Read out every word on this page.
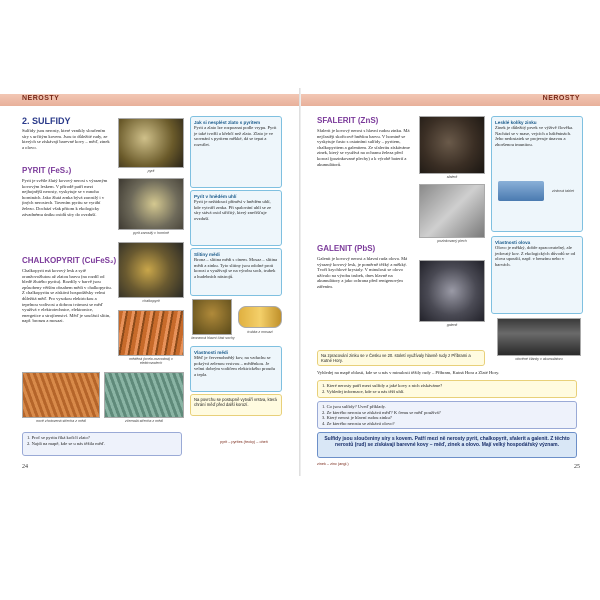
NEROSTY
2. SULFIDY
Sulfidy jsou nerosty, které vznikly sloučením síry s určitým kovem. Jsou to důležité rudy, ze kterých se získávají barevné kovy – měď, zinek a olovo.
PYRIT (FeS₂)
Pyrit je světle žlutý kovový nerost s výrazným kovovým leskem. V přírodě patří mezi nejhojnější nerosty, vyskytuje se v mnoha horninách. Jako žlutá zrnka bývá zarostlý i v jiných nerostech. Tavením pyritu se vyrábí železo. Dochází však přitom k ekologicky závadnému úniku oxidů síry do ovzduší.
CHALKOPYRIT (CuFeS₂)
Chalkopyrit má kovový lesk a sytě oranžovožlutou až zlatou barvu (na rozdíl od bledě žlutého pyritu). Rozdíly v barvě jsou způsobeny větším obsahem mědi v chalkopyritu. Z chalkopyritu se získává hospodářsky velmi důležitá měď. Pro vysokou elektrickou a tepelnou vodivost a dobrou tvárnost se měď využívá v elektrotechnice, elektronice, energetice a strojírenství. Měď je součástí slitin, např. bronzu a mosazi.
pyrit
pyrit zarostlý v hornině
chalkopyrit
měděná (ocelo-rozvodná) v elektrovodech
nově zhotovená střecha z mědi	zčernalá střecha z mědi
Jak si nesplést zlato s pyritem
Pyrit a zlato lze rozpoznat podle vrypu. Pyrit je také tvrdší a křehčí než zlato. Zlato je ve srovnání s pyritem měkké, dá se tepat a rozválet.
Pyrit v hnědém uhlí
Pyrit je nežádoucí příměsí v hnědém uhlí, kde vytváří zrnka. Při spalování uhlí se ze síry stává oxid siřičitý, který znečišťuje ovzduší.
Slitiny mědi
Bronz – slitina mědi s cínem. Mosaz – slitina mědi a zinku. Tyto slitiny jsou odolné proti korozi a využívají se na výrobu soch, trubek a hudebních nástrojů.
bronzová hlavní část sochy
trubka z mosazi
Vlastnosti mědi
Měď je červenohnědý kov, na vzduchu se pokrývá zelenou vrstvou – měděnkou. Je velmi dobrým vodičem elektrického proudu a tepla.
Na povrchu se postupně vytváří vrstva, která chrání měď před další korozí.
1. Proč se pyritu říká kočičí zlato?
2. Najdi na mapě, kde se u nás těžila měď.	pyrit – pyrites (řecky) – oheň
24
NEROSTY
SFALERIT (ZnS)
Sfalerit je kovový nerost s hlavní rudou zinku. Má nejčastěji skořicově hnědou barvu. V hornině se vyskytuje často s ostatními sulfidy – pyritem, chalkopyritem a galenitem. Ze sfaleritu získáváme zinek, který se využívá na ochranu železa před korozí (pozinkované plechy) a k výrobě baterií a akumulátorů.
GALENIT (PbS)
Galenit je kovový nerost a hlavní ruda olova. Má výrazný kovový lesk, je poměrně těžký a měkký. Tvoří krychlové krystaly. V minulosti se olovo užívalo na výrobu trubek, dnes hlavně na akumulátory a jako ochrana před rentgenovým zářením.
sfalerit
pozinkovaný plech
galenit
Lesklé kolíky zinku
Zinek je důležitý prvek ve výživě člověka. Nachází se v mase, vejcích a luštěninách. Jeho nedostatek se projevuje únavou a zhoršenou imunitou.
zinková tablet
Vlastnosti olova
Olovo je měkký, dobře zpracovatelný, ale jedovatý kov. Z ekologických důvodů se od olova upouští, např. v benzínu nebo v barvách.
olověné články v akumulátoru
Na zpracování zinku se v Česku ve 20. století využívaly hlavně rudy z Příbrami a Kutné Hory.
Vyhledej na mapě oblasti, kde se u nás v minulosti těžily rudy – Příbram, Kutná Hora a Zlaté Hory.
1. Které nerosty patří mezi sulfidy a jaké kovy z nich získáváme?
2. Vyhledej informace, kde se u nás těží uhlí.
1. Co jsou sulfidy? Uveď příklady.
2. Ze kterého nerostu se získává měď? K čemu se měď používá?
3. Který nerost je hlavní rudou zinku?
4. Ze kterého nerostu se získává olovo?
Sulfidy jsou sloučeniny síry s kovem. Patří mezi ně nerosty pyrit, chalkopyrit, sfalerit a galenit. Z těchto nerostů (rud) se získávají barevné kovy – měď, zinek a olovo. Mají velký hospodářský význam.
zinek – zinc (angl.)	25
